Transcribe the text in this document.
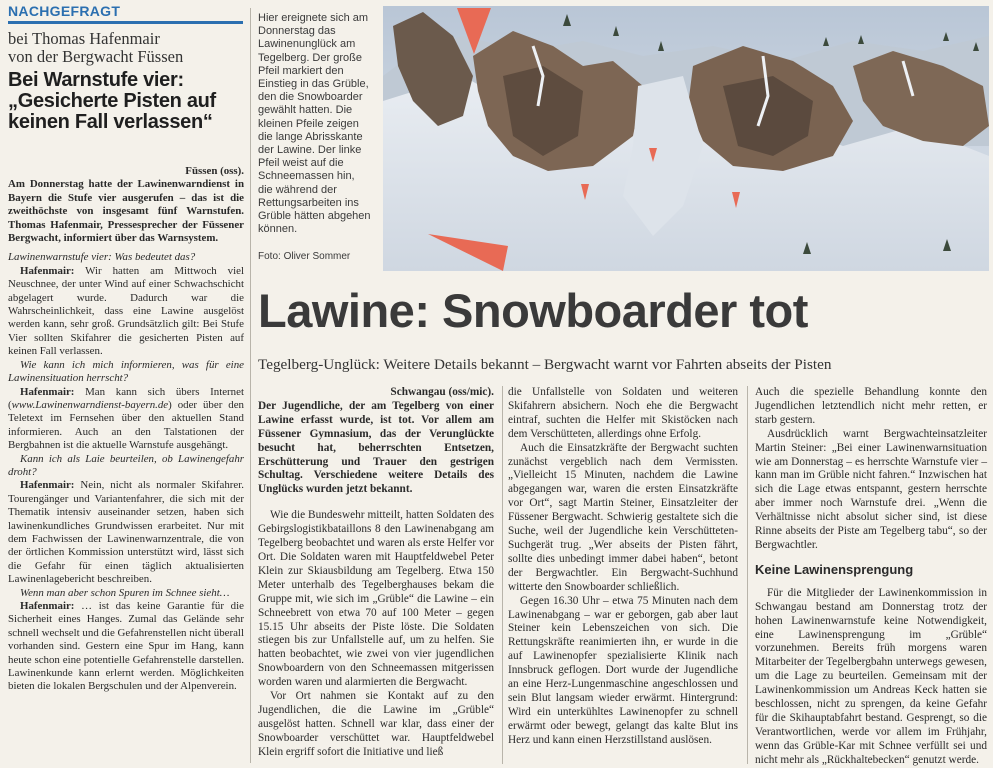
NACHGEFRAGT
bei Thomas Hafenmair
von der Bergwacht Füssen
Bei Warnstufe vier:
„Gesicherte Pisten auf
keinen Fall verlassen“

Füssen (oss).

Am Donnerstag hatte der Lawinenwarndienst in Bayern die Stufe vier ausgerufen – das ist die zweithöchste von insgesamt fünf Warnstufen. Thomas Hafenmair, Pressesprecher der Füssener Bergwacht, informiert über das Warnsystem.

Lawinenwarnstufe vier: Was bedeutet das?

Hafenmair: Wir hatten am Mittwoch viel Neuschnee, der unter Wind auf einer Schwachschicht abgelagert wurde. Dadurch war die Wahrscheinlichkeit, dass eine Lawine ausgelöst werden kann, sehr groß. Grundsätzlich gilt: Bei Stufe Vier sollten Skifahrer die gesicherten Pisten auf keinen Fall verlassen.

Wie kann ich mich informieren, was für eine Lawinensituation herrscht?

Hafenmair: Man kann sich übers Internet (www.Lawinenwarndienst-bayern.de) oder über den Teletext im Fernsehen über den aktuellen Stand informieren. Auch an den Talstationen der Bergbahnen ist die aktuelle Warnstufe ausgehängt.

Kann ich als Laie beurteilen, ob Lawinengefahr droht?

Hafenmair: Nein, nicht als normaler Skifahrer. Tourengänger und Variantenfahrer, die sich mit der Thematik intensiv auseinander setzen, haben sich lawinenkundliches Grundwissen erarbeitet. Nur mit dem Fachwissen der Lawinenwarnzentrale, die von der örtlichen Kommission unterstützt wird, lässt sich die Gefahr für einen täglich aktualisierten Lawinenlagebericht beschreiben.

Wenn man aber schon Spuren im Schnee sieht…

Hafenmair: … ist das keine Garantie für die Sicherheit eines Hanges. Zumal das Gelände sehr schnell wechselt und die Gefahrenstellen nicht überall vorhanden sind. Gestern eine Spur im Hang, kann heute schon eine potentielle Gefahrenstelle darstellen. Lawinenkunde kann erlernt werden. Möglichkeiten bieten die lokalen Bergschulen und der Alpenverein.

Hier ereignete sich am Donnerstag das Lawinenunglück am Tegelberg. Der große Pfeil markiert den Einstieg in das Grüble, den die Snowboarder gewählt hatten. Die kleinen Pfeile zeigen die lange Abrisskante der Lawine. Der linke Pfeil weist auf die Schneemassen hin, die während der Rettungsarbeiten ins Grüble hätten abgehen können.

Foto: Oliver Sommer

Lawine: Snowboarder tot
Tegelberg-Unglück: Weitere Details bekannt – Bergwacht warnt vor Fahrten abseits der Pisten

Schwangau (oss/mic).

Der Jugendliche, der am Tegelberg von einer Lawine erfasst wurde, ist tot. Vor allem am Füssener Gymnasium, das der Verunglückte besucht hat, beherrschten Entsetzen, Erschütterung und Trauer den gestrigen Schultag. Verschiedene weitere Details des Unglücks wurden jetzt bekannt.

Wie die Bundeswehr mitteilt, hatten Soldaten des Gebirgslogistikbataillons 8 den Lawinenabgang am Tegelberg beobachtet und waren als erste Helfer vor Ort. Die Soldaten waren mit Hauptfeldwebel Peter Klein zur Skiausbildung am Tegelberg. Etwa 150 Meter unterhalb des Tegelberghauses bekam die Gruppe mit, wie sich im „Grüble“ die Lawine – ein Schneebrett von etwa 70 auf 100 Meter – gegen 15.15 Uhr abseits der Piste löste. Die Soldaten stiegen bis zur Unfallstelle auf, um zu helfen. Sie hatten beobachtet, wie zwei von vier jugendlichen Snowboardern von den Schneemassen mitgerissen worden waren und alarmierten die Bergwacht.

Vor Ort nahmen sie Kontakt auf zu den Jugendlichen, die die Lawine im „Grüble“ ausgelöst hatten. Schnell war klar, dass einer der Snowboarder verschüttet war. Hauptfeldwebel Klein ergriff sofort die Initiative und ließ

die Unfallstelle von Soldaten und weiteren Skifahrern absichern. Noch ehe die Bergwacht eintraf, suchten die Helfer mit Skistöcken nach dem Verschütteten, allerdings ohne Erfolg.

Auch die Einsatzkräfte der Bergwacht suchten zunächst vergeblich nach dem Vermissten. „Vielleicht 15 Minuten, nachdem die Lawine abgegangen war, waren die ersten Einsatzkräfte vor Ort“, sagt Martin Steiner, Einsatzleiter der Füssener Bergwacht. Schwierig gestaltete sich die Suche, weil der Jugendliche kein Verschütteten-Suchgerät trug. „Wer abseits der Pisten fährt, sollte dies unbedingt immer dabei haben“, betont der Bergwachtler. Ein Bergwacht-Suchhund witterte den Snowboarder schließlich.

Gegen 16.30 Uhr – etwa 75 Minuten nach dem Lawinenabgang – war er geborgen, gab aber laut Steiner kein Lebenszeichen von sich. Die Rettungskräfte reanimierten ihn, er wurde in die auf Lawinenopfer spezialisierte Klinik nach Innsbruck geflogen. Dort wurde der Jugendliche an eine Herz-Lungenmaschine angeschlossen und sein Blut langsam wieder erwärmt. Hintergrund: Wird ein unterkühltes Lawinenopfer zu schnell erwärmt oder bewegt, gelangt das kalte Blut ins Herz und kann einen Herzstillstand auslösen.

Auch die spezielle Behandlung konnte den Jugendlichen letztendlich nicht mehr retten, er starb gestern.

Ausdrücklich warnt Bergwachteinsatzleiter Martin Steiner: „Bei einer Lawinenwarnsituation wie am Donnerstag – es herrschte Warnstufe vier – kann man im Grüble nicht fahren.“ Inzwischen hat sich die Lage etwas entspannt, gestern herrschte aber immer noch Warnstufe drei. „Wenn die Verhältnisse nicht absolut sicher sind, ist diese Rinne abseits der Piste am Tegelberg tabu“, so der Bergwachtler.

Keine Lawinensprengung

Für die Mitglieder der Lawinenkommission in Schwangau bestand am Donnerstag trotz der hohen Lawinenwarnstufe keine Notwendigkeit, eine Lawinensprengung im „Grüble“ vorzunehmen. Bereits früh morgens waren Mitarbeiter der Tegelbergbahn unterwegs gewesen, um die Lage zu beurteilen. Gemeinsam mit der Lawinenkommission um Andreas Keck hatten sie beschlossen, nicht zu sprengen, da keine Gefahr für die Skihauptabfahrt bestand. Gesprengt, so die Verantwortlichen, werde vor allem im Frühjahr, wenn das Grüble-Kar mit Schnee verfüllt sei und nicht mehr als „Rückhaltebecken“ genutzt werde.
